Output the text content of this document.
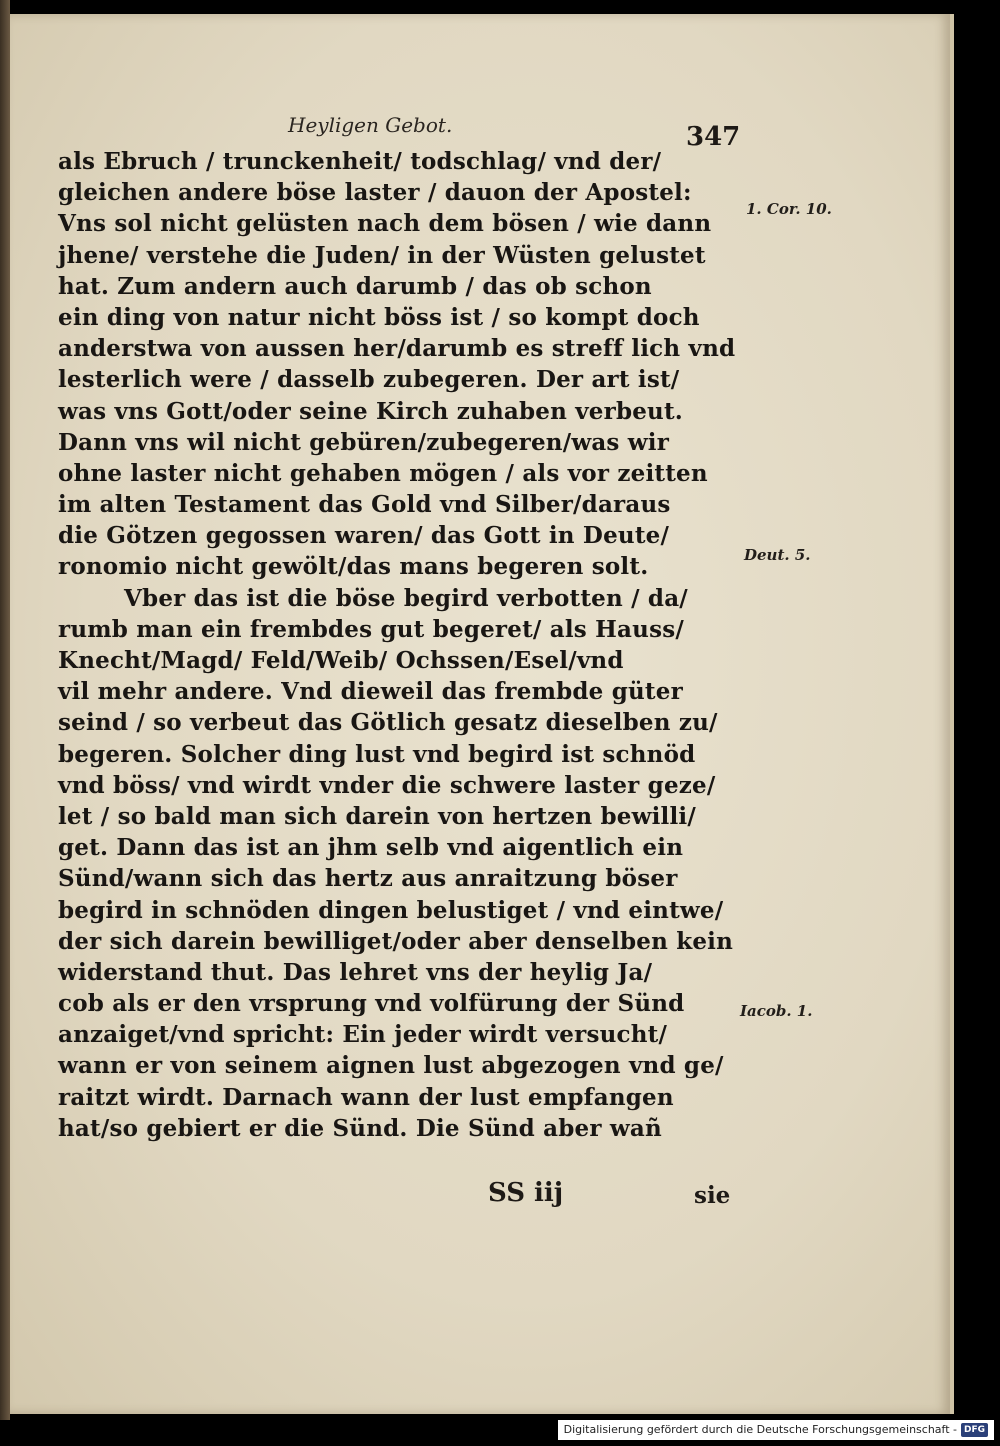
Heyligen Gebot.	347
als Ebruch / trunckenheit/ todschlag/ vnd der/
gleichen andere böse laster / dauon der Apostel:
Vns sol nicht gelüsten nach dem bösen / wie dann
jhene/ verstehe die Juden/ in der Wüsten gelustet
hat. Zum andern auch darumb / das ob schon
ein ding von natur nicht böss ist / so kompt doch
anderstwa von aussen her/darumb es streff lich vnd
lesterlich were / dasselb zubegeren. Der art ist/
was vns Gott/oder seine Kirch zuhaben verbeut.
Dann vns wil nicht gebüren/zubegeren/was wir
ohne laster nicht gehaben mögen / als vor zeitten
im alten Testament das Gold vnd Silber/daraus
die Götzen gegossen waren/ das Gott in Deute/
ronomio nicht gewölt/das mans begeren solt.
Vber das ist die böse begird verbotten / da/
rumb man ein frembdes gut begeret/ als Hauss/
Knecht/Magd/ Feld/Weib/ Ochssen/Esel/vnd
vil mehr andere. Vnd dieweil das frembde güter
seind / so verbeut das Götlich gesatz dieselben zu/
begeren. Solcher ding lust vnd begird ist schnöd
vnd böss/ vnd wirdt vnder die schwere laster geze/
let / so bald man sich darein von hertzen bewilli/
get. Dann das ist an jhm selb vnd aigentlich ein
Sünd/wann sich das hertz aus anraitzung böser
begird in schnöden dingen belustiget / vnd eintwe/
der sich darein bewilliget/oder aber denselben kein
widerstand thut. Das lehret vns der heylig Ja/
cob als er den vrsprung vnd volfürung der Sünd
anzaiget/vnd spricht: Ein jeder wirdt versucht/
wann er von seinem aignen lust abgezogen vnd ge/
raitzt wirdt. Darnach wann der lust empfangen
hat/so gebiert er die Sünd. Die Sünd aber wañ
1. Cor. 10.
Deut. 5.
Iacob. 1.
SS iij	sie
Digitalisierung gefördert durch die Deutsche Forschungsgemeinschaft - DFG
